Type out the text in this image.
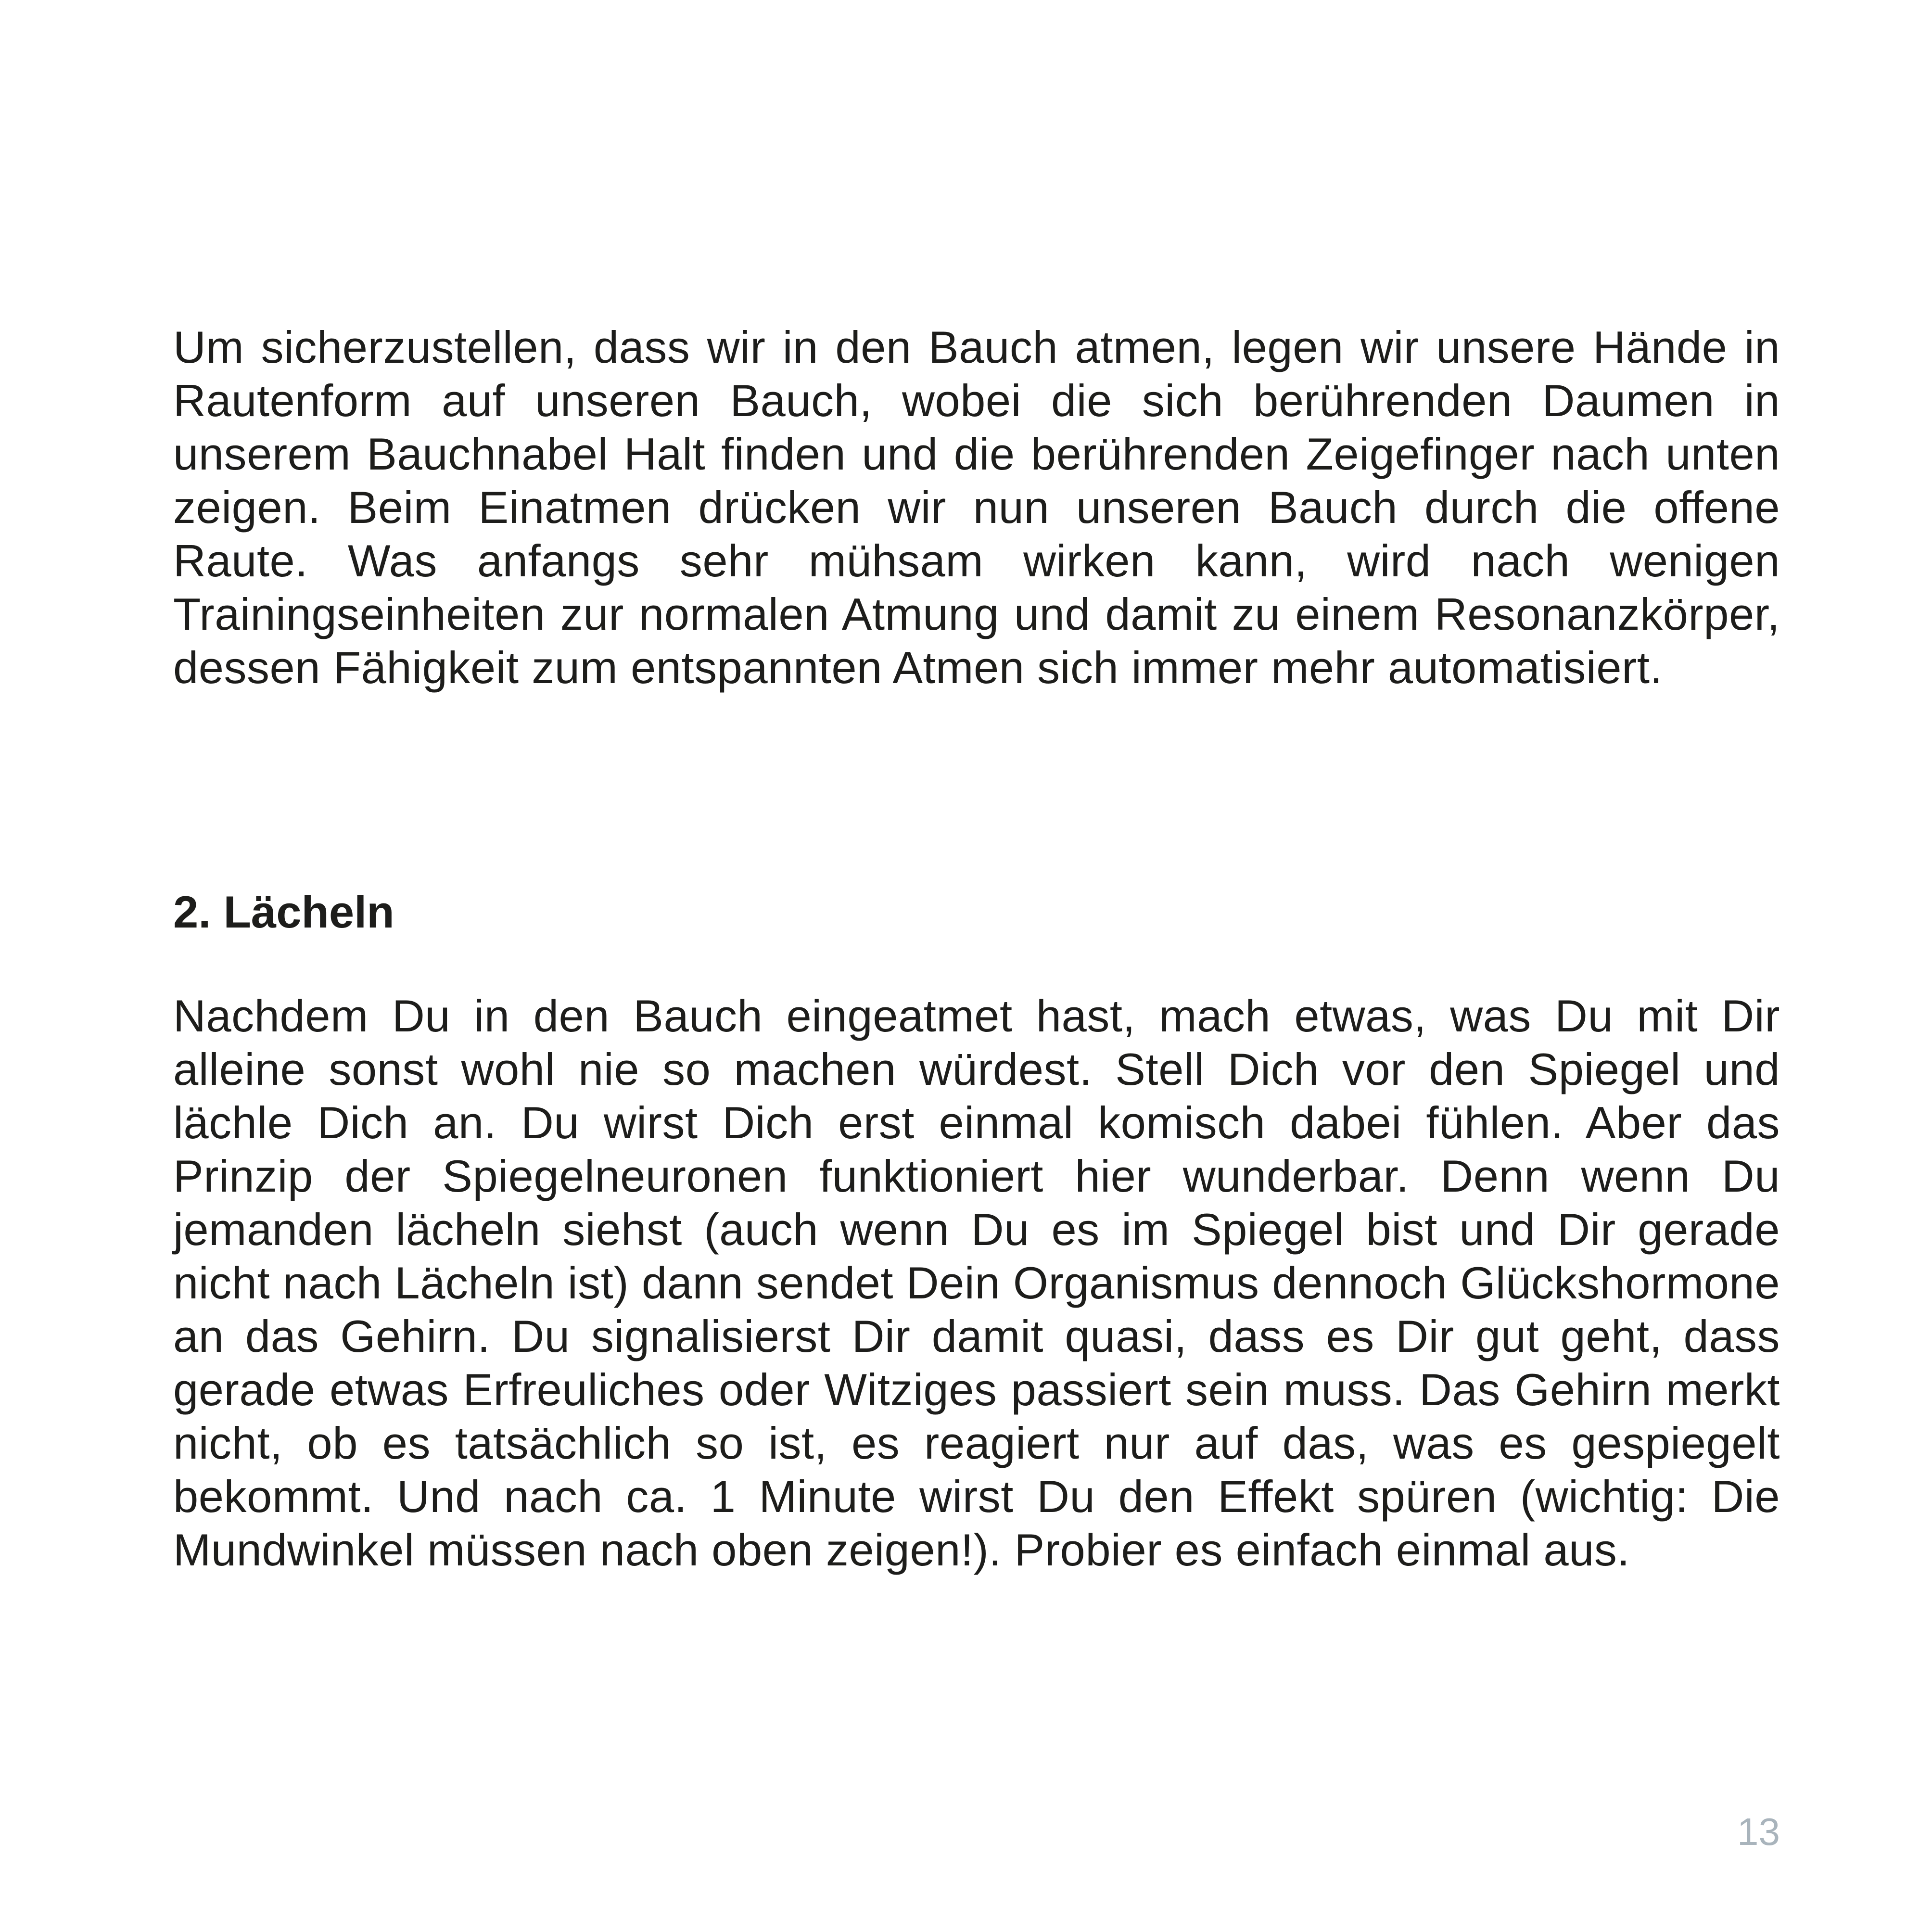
Um sicherzustellen, dass wir in den Bauch atmen, legen wir unsere Hände in Rautenform auf unseren Bauch, wobei die sich berührenden Daumen in unserem Bauchnabel Halt finden und die berührenden Zeigefinger nach unten zeigen. Beim Einatmen drücken wir nun unseren Bauch durch die offene Raute. Was anfangs sehr mühsam wirken kann, wird nach wenigen Trainingseinheiten zur normalen Atmung und damit zu einem Resonanzkörper, dessen Fähigkeit zum entspannten Atmen sich immer mehr automatisiert.

2. Lächeln

Nachdem Du in den Bauch eingeatmet hast, mach etwas, was Du mit Dir alleine sonst wohl nie so machen würdest. Stell Dich vor den Spiegel und lächle Dich an. Du wirst Dich erst einmal komisch dabei fühlen. Aber das Prinzip der Spiegelneuronen funktioniert hier wunderbar. Denn wenn Du jemanden lächeln siehst (auch wenn Du es im Spiegel bist und Dir gerade nicht nach Lächeln ist) dann sendet Dein Organismus dennoch Glückshormone an das Gehirn. Du signalisierst Dir damit quasi, dass es Dir gut geht, dass gerade etwas Erfreuliches oder Witziges passiert sein muss. Das Gehirn merkt nicht, ob es tatsächlich so ist, es reagiert nur auf das, was es gespiegelt bekommt. Und nach ca. 1 Minute wirst Du den Effekt spüren (wichtig: Die Mundwinkel müssen nach oben zeigen!). Probier es einfach einmal aus.

13
